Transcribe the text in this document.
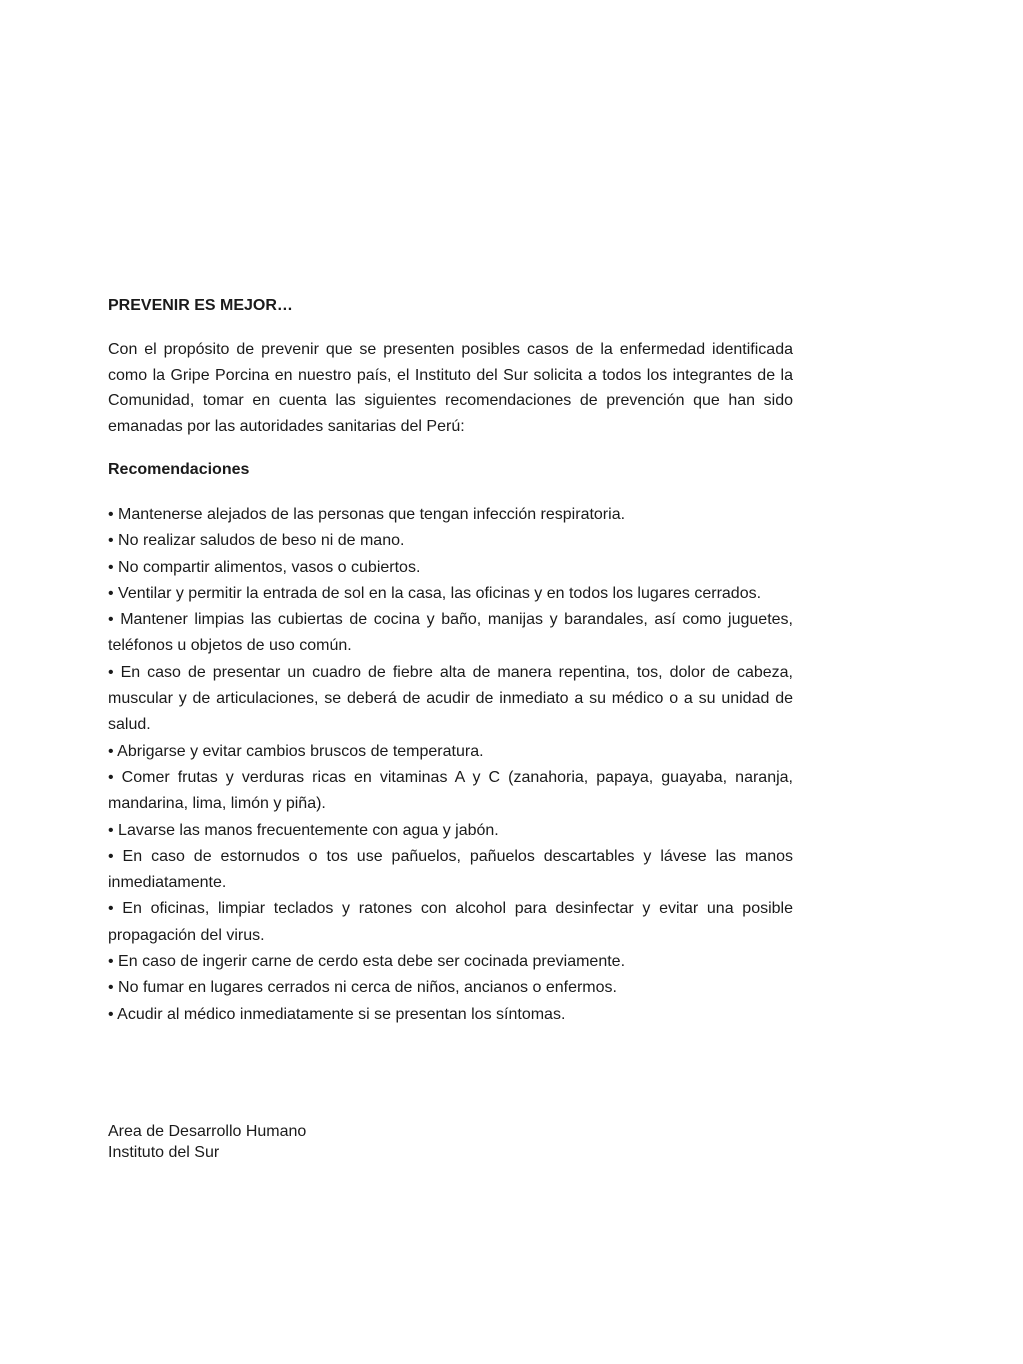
PREVENIR ES MEJOR…

Con el propósito de prevenir que se presenten posibles casos de la enfermedad identificada como la Gripe Porcina en nuestro país, el Instituto del Sur solicita a todos los integrantes de la Comunidad, tomar en cuenta las siguientes recomendaciones de prevención que han sido emanadas por las autoridades sanitarias del Perú:

Recomendaciones

• Mantenerse alejados de las personas que tengan infección respiratoria.
• No realizar saludos de beso ni de mano.
• No compartir alimentos, vasos o cubiertos.
• Ventilar y permitir la entrada de sol en la casa, las oficinas y en todos los lugares cerrados.
• Mantener limpias las cubiertas de cocina y baño, manijas y barandales, así como juguetes, teléfonos u objetos de uso común.
• En caso de presentar un cuadro de fiebre alta de manera repentina, tos, dolor de cabeza, muscular y de articulaciones, se deberá de acudir de inmediato a su médico o a su unidad de salud.
• Abrigarse y evitar cambios bruscos de temperatura.
• Comer frutas y verduras ricas en vitaminas A y C (zanahoria, papaya, guayaba, naranja, mandarina, lima, limón y piña).
• Lavarse las manos frecuentemente con agua y jabón.
• En caso de estornudos o tos use pañuelos, pañuelos descartables y lávese las manos inmediatamente.
• En oficinas, limpiar teclados y ratones con alcohol para desinfectar y evitar una posible propagación del virus.
• En caso de ingerir carne de cerdo esta debe ser cocinada previamente.
• No fumar en lugares cerrados ni cerca de niños, ancianos o enfermos.
• Acudir al médico inmediatamente si se presentan los síntomas.
Area de Desarrollo Humano
Instituto del Sur
